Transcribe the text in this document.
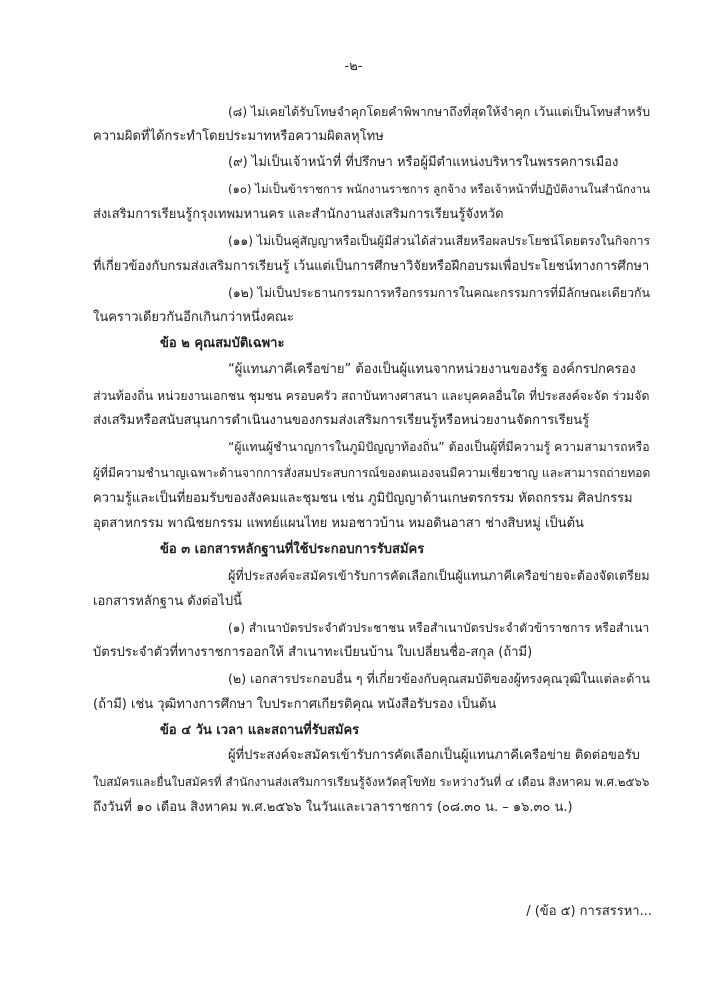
-๒-
(๘) ไม่เคยได้รับโทษจำคุกโดยคำพิพากษาถึงที่สุดให้จำคุก เว้นแต่เป็นโทษสำหรับ
ความผิดที่ได้กระทำโดยประมาทหรือความผิดลหุโทษ
(๙) ไม่เป็นเจ้าหน้าที่ ที่ปรึกษา หรือผู้มีตำแหน่งบริหารในพรรคการเมือง
(๑๐) ไม่เป็นข้าราชการ พนักงานราชการ ลูกจ้าง หรือเจ้าหน้าที่ปฏิบัติงานในสำนักงาน
ส่งเสริมการเรียนรู้กรุงเทพมหานคร และสำนักงานส่งเสริมการเรียนรู้จังหวัด
(๑๑) ไม่เป็นคู่สัญญาหรือเป็นผู้มีส่วนได้ส่วนเสียหรือผลประโยชน์โดยตรงในกิจการ
ที่เกี่ยวข้องกับกรมส่งเสริมการเรียนรู้ เว้นแต่เป็นการศึกษาวิจัยหรือฝึกอบรมเพื่อประโยชน์ทางการศึกษา
(๑๒) ไม่เป็นประธานกรรมการหรือกรรมการในคณะกรรมการที่มีลักษณะเดียวกัน
ในคราวเดียวกันอีกเกินกว่าหนึ่งคณะ
ข้อ ๒ คุณสมบัติเฉพาะ
“ผู้แทนภาคีเครือข่าย” ต้องเป็นผู้แทนจากหน่วยงานของรัฐ องค์กรปกครอง
ส่วนท้องถิ่น หน่วยงานเอกชน ชุมชน ครอบครัว สถาบันทางศาสนา และบุคคลอื่นใด ที่ประสงค์จะจัด ร่วมจัด
ส่งเสริมหรือสนับสนุนการดำเนินงานของกรมส่งเสริมการเรียนรู้หรือหน่วยงานจัดการเรียนรู้
“ผู้แทนผู้ชำนาญการในภูมิปัญญาท้องถิ่น” ต้องเป็นผู้ที่มีความรู้ ความสามารถหรือ
ผู้ที่มีความชำนาญเฉพาะด้านจากการสั่งสมประสบการณ์ของตนเองจนมีความเชี่ยวชาญ และสามารถถ่ายทอด
ความรู้และเป็นที่ยอมรับของสังคมและชุมชน เช่น ภูมิปัญญาด้านเกษตรกรรม หัตถกรรม ศิลปกรรม
อุตสาหกรรม พาณิชยกรรม แพทย์แผนไทย หมอชาวบ้าน หมอดินอาสา ช่างสิบหมู่ เป็นต้น
ข้อ ๓ เอกสารหลักฐานที่ใช้ประกอบการรับสมัคร
ผู้ที่ประสงค์จะสมัครเข้ารับการคัดเลือกเป็นผู้แทนภาคีเครือข่ายจะต้องจัดเตรียม
เอกสารหลักฐาน ดังต่อไปนี้
(๑) สำเนาบัตรประจำตัวประชาชน หรือสำเนาบัตรประจำตัวข้าราชการ หรือสำเนา
บัตรประจำตัวที่ทางราชการออกให้ สำเนาทะเบียนบ้าน ใบเปลี่ยนชื่อ-สกุล (ถ้ามี)
(๒) เอกสารประกอบอื่น ๆ ที่เกี่ยวข้องกับคุณสมบัติของผู้ทรงคุณวุฒิในแต่ละด้าน
(ถ้ามี) เช่น วุฒิทางการศึกษา ใบประกาศเกียรติคุณ หนังสือรับรอง เป็นต้น
ข้อ ๔ วัน เวลา และสถานที่รับสมัคร
ผู้ที่ประสงค์จะสมัครเข้ารับการคัดเลือกเป็นผู้แทนภาคีเครือข่าย ติดต่อขอรับ
ใบสมัครและยื่นใบสมัครที่ สำนักงานส่งเสริมการเรียนรู้จังหวัดสุโขทัย ระหว่างวันที่ ๔ เดือน สิงหาคม พ.ศ.๒๕๖๖
ถึงวันที่ ๑๐ เดือน สิงหาคม พ.ศ.๒๕๖๖ ในวันและเวลาราชการ (๐๘.๓๐ น. – ๑๖.๓๐ น.)
/ (ข้อ ๕) การสรรหา...
